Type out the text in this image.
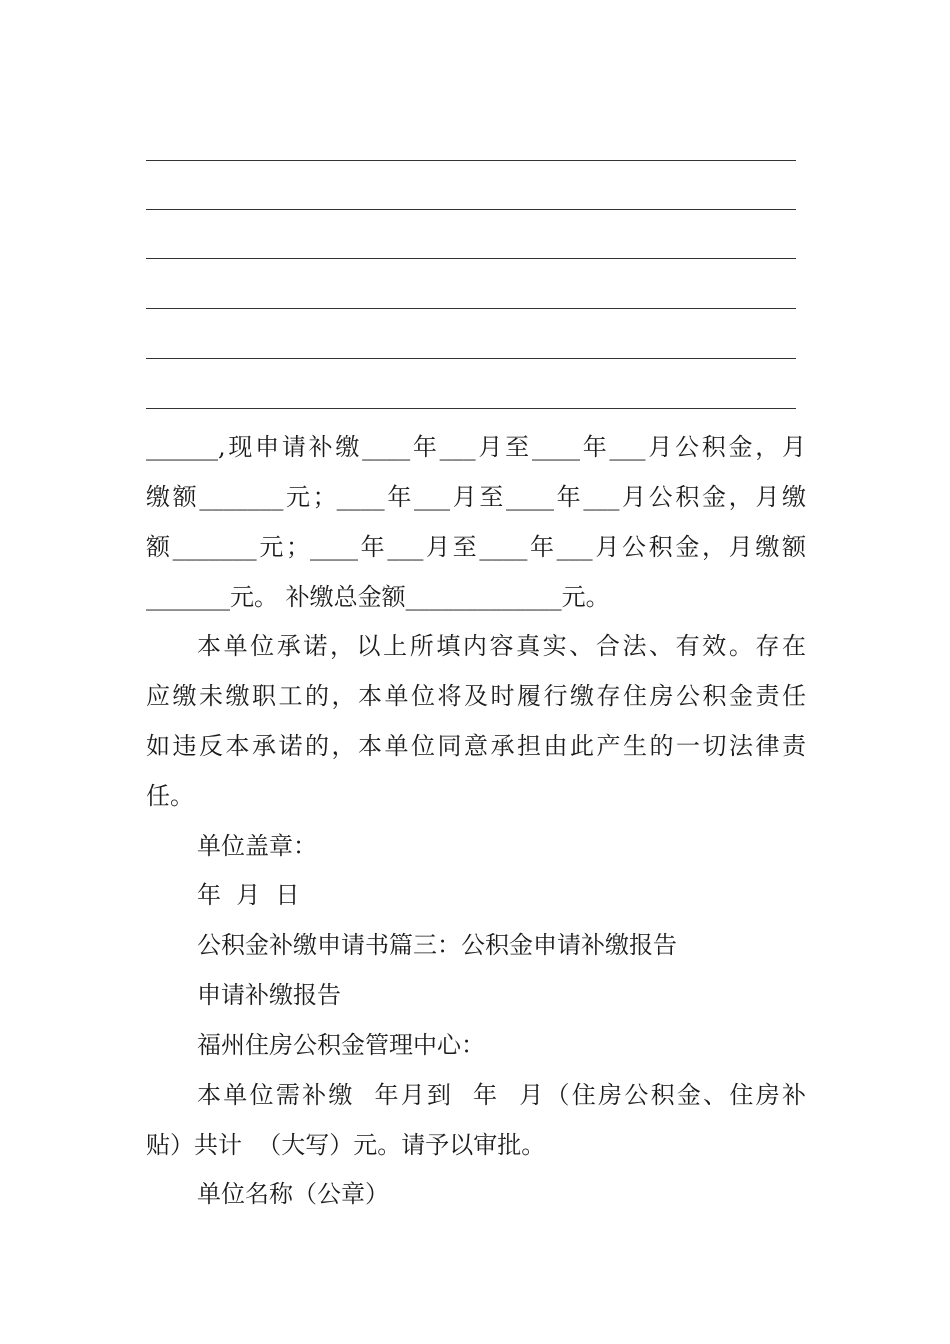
______,现申请补缴____年___月至____年___月公积金，月
缴额_______元；____年___月至____年___月公积金，月缴
额_______元；____年___月至____年___月公积金，月缴额
_______元。 补缴总金额_____________元。
本单位承诺，以上所填内容真实、合法、有效。存在
应缴未缴职工的，本单位将及时履行缴存住房公积金责任
如违反本承诺的，本单位同意承担由此产生的一切法律责
任。
单位盖章：
年  月  日
公积金补缴申请书篇三：公积金申请补缴报告
申请补缴报告
福州住房公积金管理中心：
本单位需补缴  年月到  年  月（住房公积金、住房补
贴）共计  （大写）元。请予以审批。
单位名称（公章）
